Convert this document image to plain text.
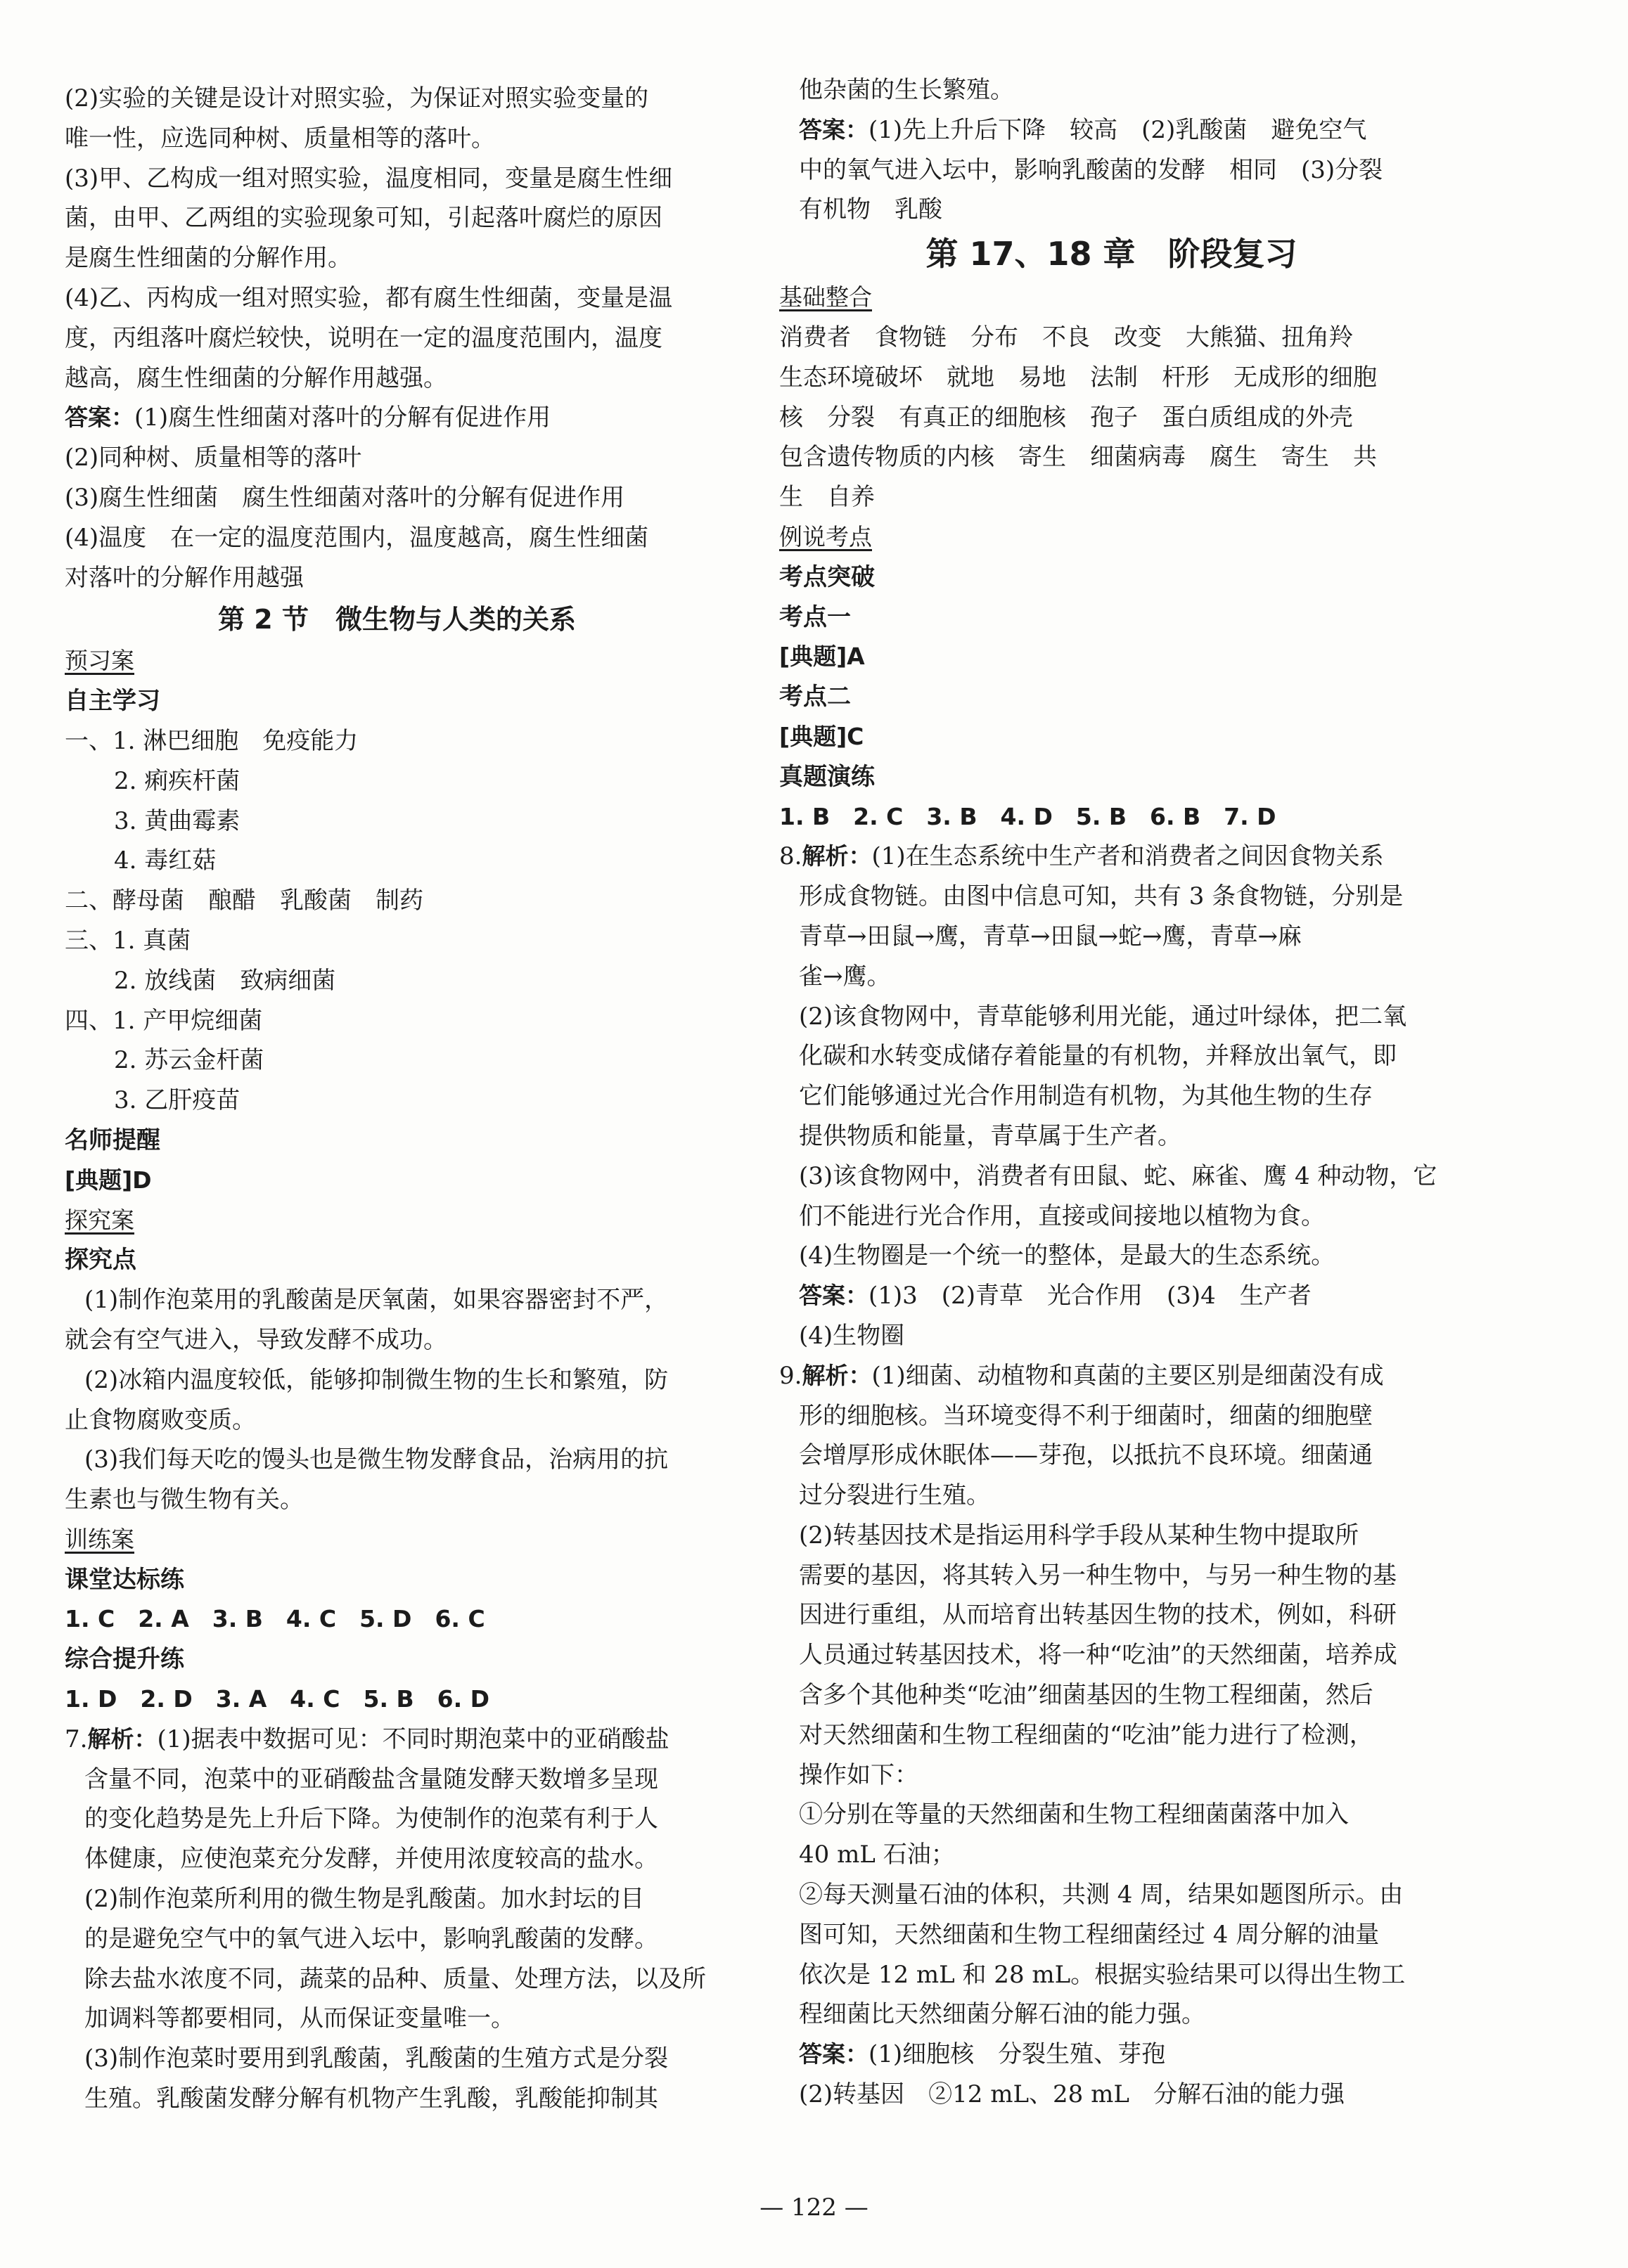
(2)实验的关键是设计对照实验，为保证对照实验变量的
唯一性，应选同种树、质量相等的落叶。
(3)甲、乙构成一组对照实验，温度相同，变量是腐生性细
菌，由甲、乙两组的实验现象可知，引起落叶腐烂的原因
是腐生性细菌的分解作用。
(4)乙、丙构成一组对照实验，都有腐生性细菌，变量是温
度，丙组落叶腐烂较快，说明在一定的温度范围内，温度
越高，腐生性细菌的分解作用越强。
答案：(1)腐生性细菌对落叶的分解有促进作用
(2)同种树、质量相等的落叶
(3)腐生性细菌　腐生性细菌对落叶的分解有促进作用
(4)温度　在一定的温度范围内，温度越高，腐生性细菌
对落叶的分解作用越强
第 2 节　微生物与人类的关系
预习案
自主学习
一、1. 淋巴细胞　免疫能力
2. 痢疾杆菌
3. 黄曲霉素
4. 毒红菇
二、酵母菌　酿醋　乳酸菌　制药
三、1. 真菌
2. 放线菌　致病细菌
四、1. 产甲烷细菌
2. 苏云金杆菌
3. 乙肝疫苗
名师提醒
[典题]D
探究案
探究点
(1)制作泡菜用的乳酸菌是厌氧菌，如果容器密封不严，
就会有空气进入，导致发酵不成功。
(2)冰箱内温度较低，能够抑制微生物的生长和繁殖，防
止食物腐败变质。
(3)我们每天吃的馒头也是微生物发酵食品，治病用的抗
生素也与微生物有关。
训练案
课堂达标练
1. C　2. A　3. B　4. C　5. D　6. C
综合提升练
1. D　2. D　3. A　4. C　5. B　6. D
7.解析：(1)据表中数据可见：不同时期泡菜中的亚硝酸盐
含量不同，泡菜中的亚硝酸盐含量随发酵天数增多呈现
的变化趋势是先上升后下降。为使制作的泡菜有利于人
体健康，应使泡菜充分发酵，并使用浓度较高的盐水。
(2)制作泡菜所利用的微生物是乳酸菌。加水封坛的目
的是避免空气中的氧气进入坛中，影响乳酸菌的发酵。
除去盐水浓度不同，蔬菜的品种、质量、处理方法，以及所
加调料等都要相同，从而保证变量唯一。
(3)制作泡菜时要用到乳酸菌，乳酸菌的生殖方式是分裂
生殖。乳酸菌发酵分解有机物产生乳酸，乳酸能抑制其
他杂菌的生长繁殖。
答案：(1)先上升后下降　较高　(2)乳酸菌　避免空气
中的氧气进入坛中，影响乳酸菌的发酵　相同　(3)分裂
有机物　乳酸
第 17、18 章　阶段复习
基础整合
消费者　食物链　分布　不良　改变　大熊猫、扭角羚
生态环境破坏　就地　易地　法制　杆形　无成形的细胞
核　分裂　有真正的细胞核　孢子　蛋白质组成的外壳
包含遗传物质的内核　寄生　细菌病毒　腐生　寄生　共
生　自养
例说考点
考点突破
考点一
[典题]A
考点二
[典题]C
真题演练
1. B　2. C　3. B　4. D　5. B　6. B　7. D
8.解析：(1)在生态系统中生产者和消费者之间因食物关系
形成食物链。由图中信息可知，共有 3 条食物链，分别是
青草→田鼠→鹰，青草→田鼠→蛇→鹰，青草→麻
雀→鹰。
(2)该食物网中，青草能够利用光能，通过叶绿体，把二氧
化碳和水转变成储存着能量的有机物，并释放出氧气，即
它们能够通过光合作用制造有机物，为其他生物的生存
提供物质和能量，青草属于生产者。
(3)该食物网中，消费者有田鼠、蛇、麻雀、鹰 4 种动物，它
们不能进行光合作用，直接或间接地以植物为食。
(4)生物圈是一个统一的整体，是最大的生态系统。
答案：(1)3　(2)青草　光合作用　(3)4　生产者
(4)生物圈
9.解析：(1)细菌、动植物和真菌的主要区别是细菌没有成
形的细胞核。当环境变得不利于细菌时，细菌的细胞壁
会增厚形成休眠体——芽孢，以抵抗不良环境。细菌通
过分裂进行生殖。
(2)转基因技术是指运用科学手段从某种生物中提取所
需要的基因，将其转入另一种生物中，与另一种生物的基
因进行重组，从而培育出转基因生物的技术，例如，科研
人员通过转基因技术，将一种“吃油”的天然细菌，培养成
含多个其他种类“吃油”细菌基因的生物工程细菌，然后
对天然细菌和生物工程细菌的“吃油”能力进行了检测，
操作如下：
①分别在等量的天然细菌和生物工程细菌菌落中加入
40 mL 石油；
②每天测量石油的体积，共测 4 周，结果如题图所示。由
图可知，天然细菌和生物工程细菌经过 4 周分解的油量
依次是 12 mL 和 28 mL。根据实验结果可以得出生物工
程细菌比天然细菌分解石油的能力强。
答案：(1)细胞核　分裂生殖、芽孢
(2)转基因　②12 mL、28 mL　分解石油的能力强
— 122 —
